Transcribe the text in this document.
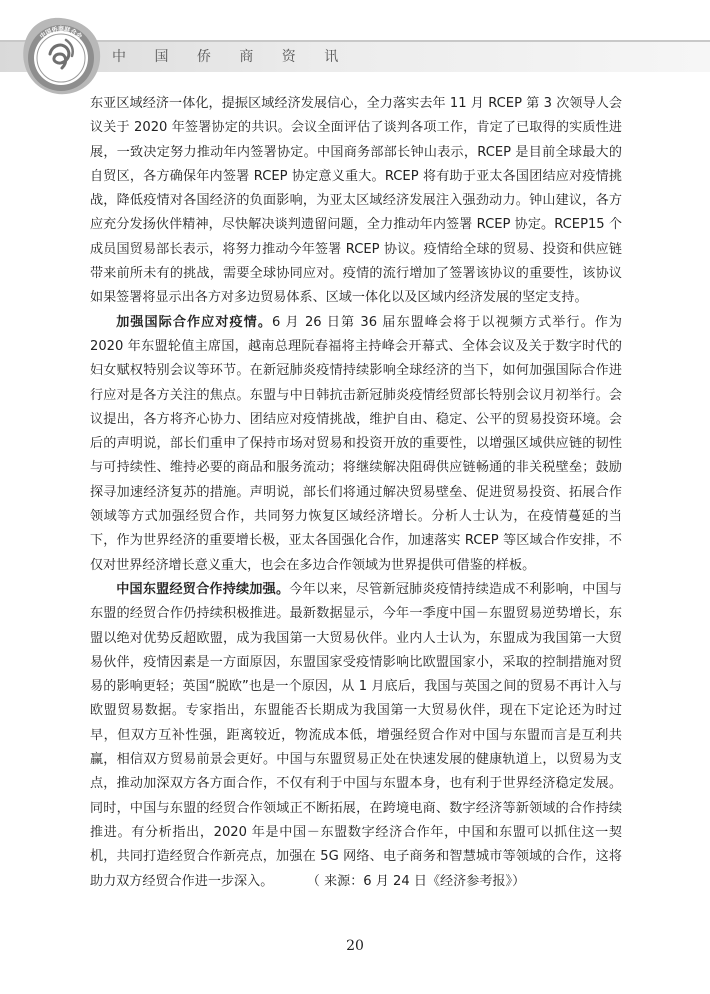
中国侨商联合会
中 国 侨 商 资 讯

东亚区域经济一体化，提振区域经济发展信心，全力落实去年 11 月 RCEP 第 3 次领导人会议关于 2020 年签署协定的共识。会议全面评估了谈判各项工作，肯定了已取得的实质性进展，一致决定努力推动年内签署协定。中国商务部部长钟山表示，RCEP 是目前全球最大的自贸区，各方确保年内签署 RCEP 协定意义重大。RCEP 将有助于亚太各国团结应对疫情挑战，降低疫情对各国经济的负面影响，为亚太区域经济发展注入强劲动力。钟山建议，各方应充分发扬伙伴精神，尽快解决谈判遗留问题，全力推动年内签署 RCEP 协定。RCEP15 个成员国贸易部长表示，将努力推动今年签署 RCEP 协议。疫情给全球的贸易、投资和供应链带来前所未有的挑战，需要全球协同应对。疫情的流行增加了签署该协议的重要性，该协议如果签署将显示出各方对多边贸易体系、区域一体化以及区域内经济发展的坚定支持。

加强国际合作应对疫情。6 月 26 日第 36 届东盟峰会将于以视频方式举行。作为 2020 年东盟轮值主席国，越南总理阮春福将主持峰会开幕式、全体会议及关于数字时代的妇女赋权特别会议等环节。在新冠肺炎疫情持续影响全球经济的当下，如何加强国际合作进行应对是各方关注的焦点。东盟与中日韩抗击新冠肺炎疫情经贸部长特别会议月初举行。会议提出，各方将齐心协力、团结应对疫情挑战，维护自由、稳定、公平的贸易投资环境。会后的声明说，部长们重申了保持市场对贸易和投资开放的重要性，以增强区域供应链的韧性与可持续性、维持必要的商品和服务流动；将继续解决阻碍供应链畅通的非关税壁垒；鼓励探寻加速经济复苏的措施。声明说，部长们将通过解决贸易壁垒、促进贸易投资、拓展合作领域等方式加强经贸合作，共同努力恢复区域经济增长。分析人士认为，在疫情蔓延的当下，作为世界经济的重要增长极，亚太各国强化合作，加速落实 RCEP 等区域合作安排，不仅对世界经济增长意义重大，也会在多边合作领域为世界提供可借鉴的样板。

中国东盟经贸合作持续加强。今年以来，尽管新冠肺炎疫情持续造成不利影响，中国与东盟的经贸合作仍持续积极推进。最新数据显示，今年一季度中国－东盟贸易逆势增长，东盟以绝对优势反超欧盟，成为我国第一大贸易伙伴。业内人士认为，东盟成为我国第一大贸易伙伴，疫情因素是一方面原因，东盟国家受疫情影响比欧盟国家小，采取的控制措施对贸易的影响更轻；英国“脱欧”也是一个原因，从 1 月底后，我国与英国之间的贸易不再计入与欧盟贸易数据。专家指出，东盟能否长期成为我国第一大贸易伙伴，现在下定论还为时过早，但双方互补性强，距离较近，物流成本低，增强经贸合作对中国与东盟而言是互利共赢，相信双方贸易前景会更好。中国与东盟贸易正处在快速发展的健康轨道上，以贸易为支点，推动加深双方各方面合作，不仅有利于中国与东盟本身，也有利于世界经济稳定发展。同时，中国与东盟的经贸合作领域正不断拓展，在跨境电商、数字经济等新领域的合作持续推进。有分析指出，2020 年是中国－东盟数字经济合作年，中国和东盟可以抓住这一契机，共同打造经贸合作新亮点，加强在 5G 网络、电子商务和智慧城市等领域的合作，这将助力双方经贸合作进一步深入。	（ 来源：6 月 24 日《经济参考报》）

20
